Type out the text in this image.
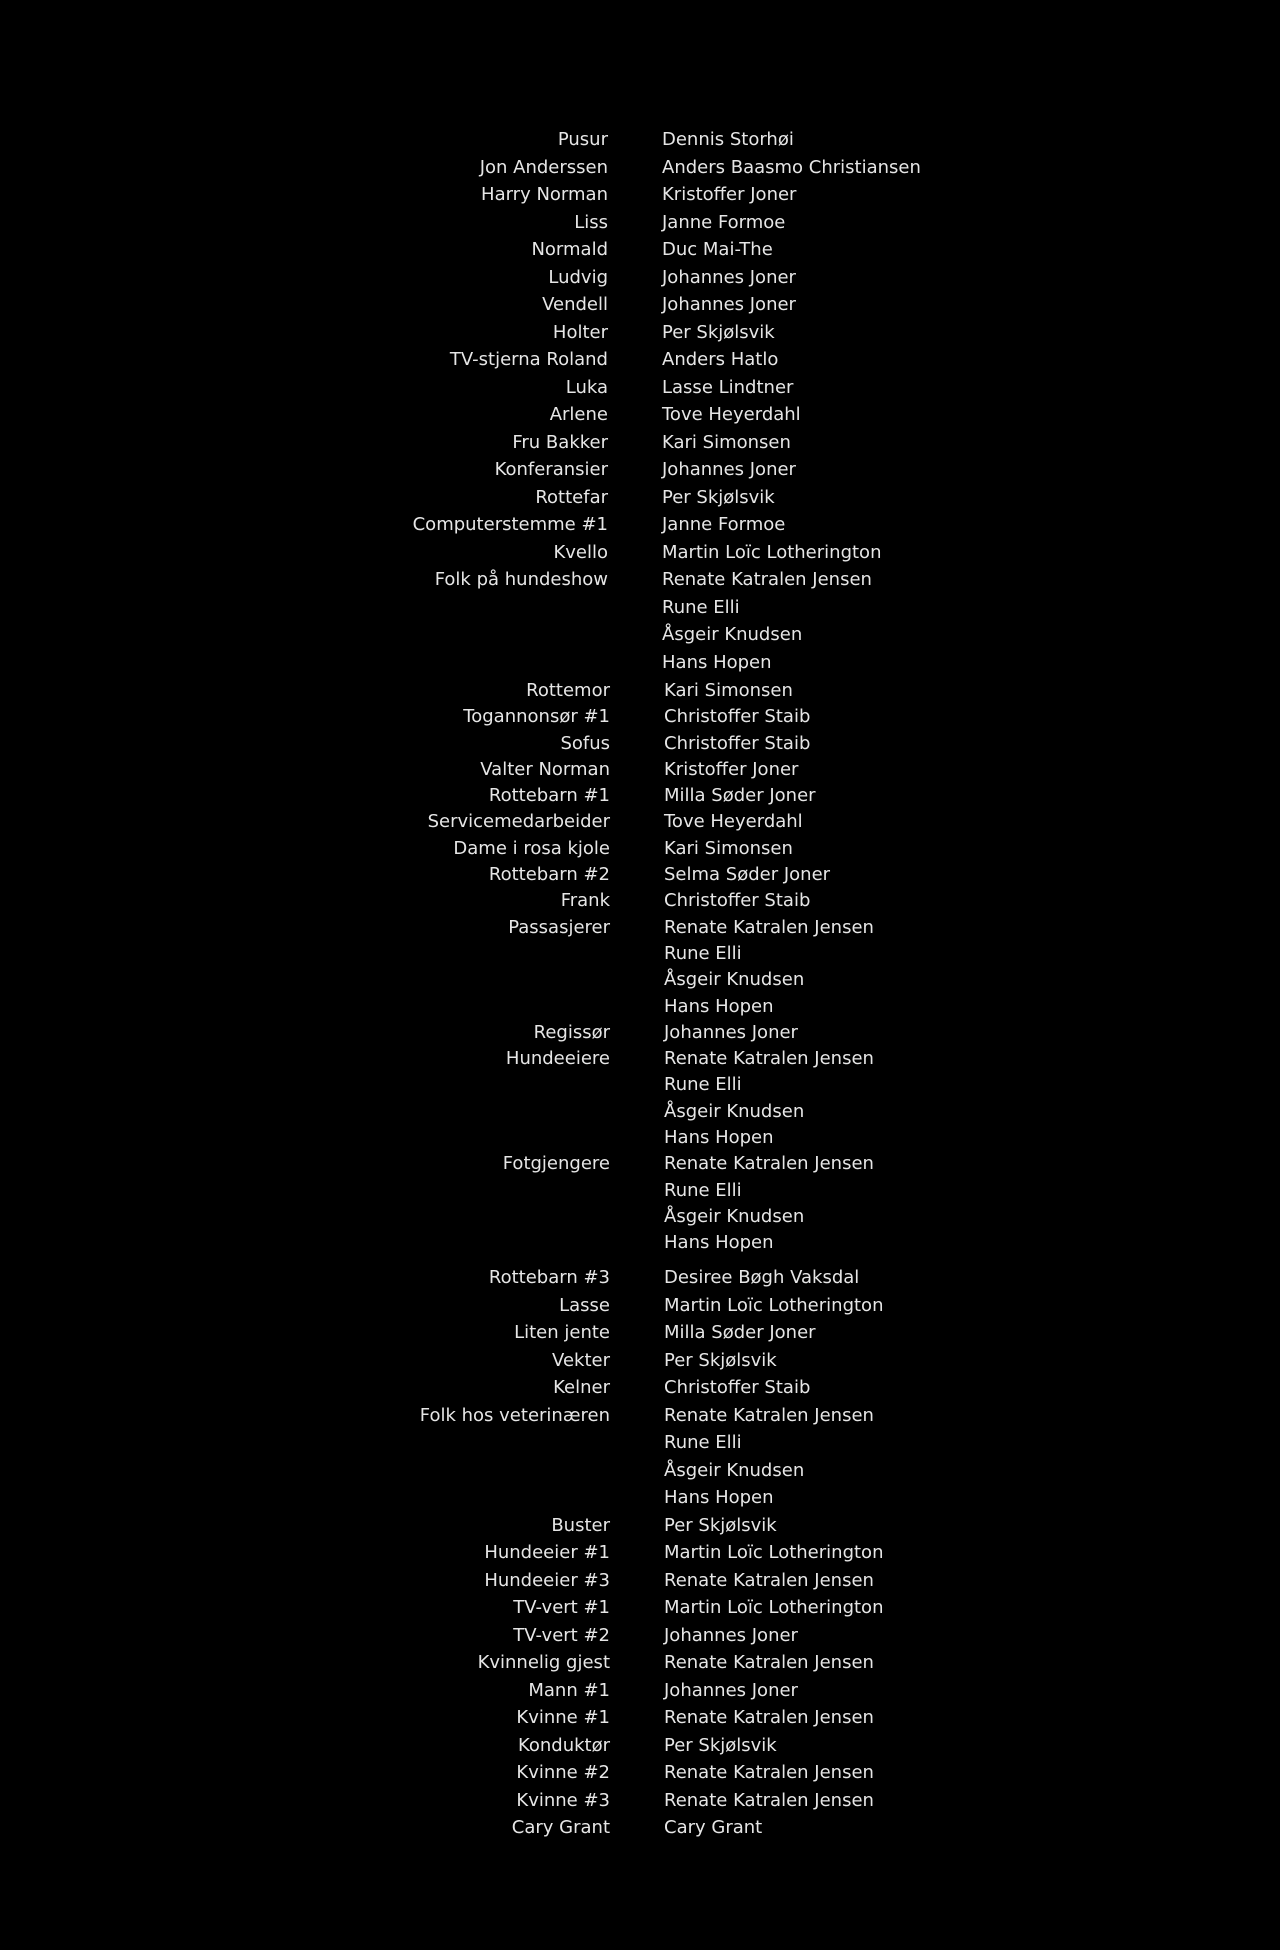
Pusur	Dennis Storhøi
Jon Anderssen	Anders Baasmo Christiansen
Harry Norman	Kristoffer Joner
Liss	Janne Formoe
Normald	Duc Mai-The
Ludvig	Johannes Joner
Vendell	Johannes Joner
Holter	Per Skjølsvik
TV-stjerna Roland	Anders Hatlo
Luka	Lasse Lindtner
Arlene	Tove Heyerdahl
Fru Bakker	Kari Simonsen
Konferansier	Johannes Joner
Rottefar	Per Skjølsvik
Computerstemme #1	Janne Formoe
Kvello	Martin Loïc Lotherington
Folk på hundeshow	Renate Katralen Jensen
Rune Elli
Åsgeir Knudsen
Hans Hopen
Rottemor	Kari Simonsen
Togannonsør #1	Christoffer Staib
Sofus	Christoffer Staib
Valter Norman	Kristoffer Joner
Rottebarn #1	Milla Søder Joner
Servicemedarbeider	Tove Heyerdahl
Dame i rosa kjole	Kari Simonsen
Rottebarn #2	Selma Søder Joner
Frank	Christoffer Staib
Passasjerer	Renate Katralen Jensen
Rune Elli
Åsgeir Knudsen
Hans Hopen
Regissør	Johannes Joner
Hundeeiere	Renate Katralen Jensen
Rune Elli
Åsgeir Knudsen
Hans Hopen
Fotgjengere	Renate Katralen Jensen
Rune Elli
Åsgeir Knudsen
Hans Hopen
Rottebarn #3	Desiree Bøgh Vaksdal
Lasse	Martin Loïc Lotherington
Liten jente	Milla Søder Joner
Vekter	Per Skjølsvik
Kelner	Christoffer Staib
Folk hos veterinæren	Renate Katralen Jensen
Rune Elli
Åsgeir Knudsen
Hans Hopen
Buster	Per Skjølsvik
Hundeeier #1	Martin Loïc Lotherington
Hundeeier #3	Renate Katralen Jensen
TV-vert #1	Martin Loïc Lotherington
TV-vert #2	Johannes Joner
Kvinnelig gjest	Renate Katralen Jensen
Mann #1	Johannes Joner
Kvinne #1	Renate Katralen Jensen
Konduktør	Per Skjølsvik
Kvinne #2	Renate Katralen Jensen
Kvinne #3	Renate Katralen Jensen
Cary Grant	Cary Grant
